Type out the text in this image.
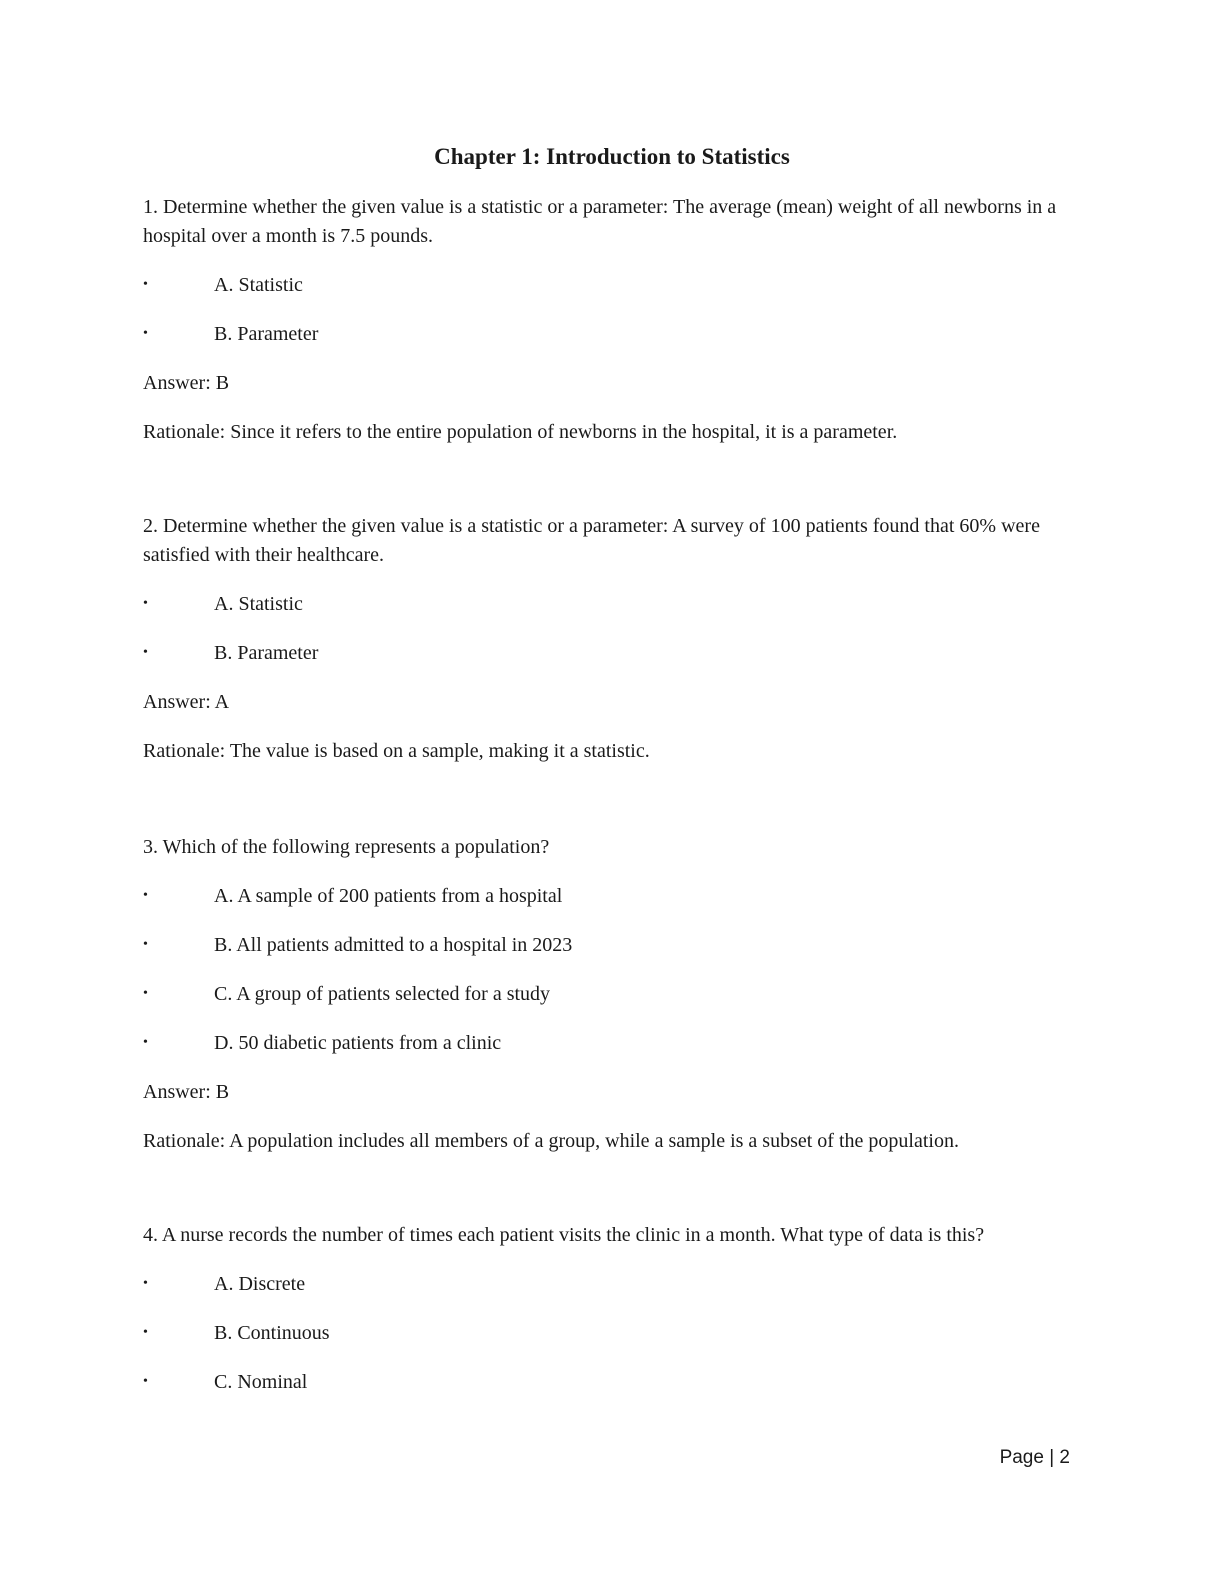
Chapter 1: Introduction to Statistics

1. Determine whether the given value is a statistic or a parameter: The average (mean) weight of all newborns in a hospital over a month is 7.5 pounds.

•	A. Statistic
•	B. Parameter
Answer: B
Rationale: Since it refers to the entire population of newborns in the hospital, it is a parameter.

2. Determine whether the given value is a statistic or a parameter: A survey of 100 patients found that 60% were satisfied with their healthcare.

•	A. Statistic
•	B. Parameter
Answer: A
Rationale: The value is based on a sample, making it a statistic.

3. Which of the following represents a population?

•	A. A sample of 200 patients from a hospital
•	B. All patients admitted to a hospital in 2023
•	C. A group of patients selected for a study
•	D. 50 diabetic patients from a clinic
Answer: B
Rationale: A population includes all members of a group, while a sample is a subset of the population.

4. A nurse records the number of times each patient visits the clinic in a month. What type of data is this?

•	A. Discrete
•	B. Continuous
•	C. Nominal
Page | 2
